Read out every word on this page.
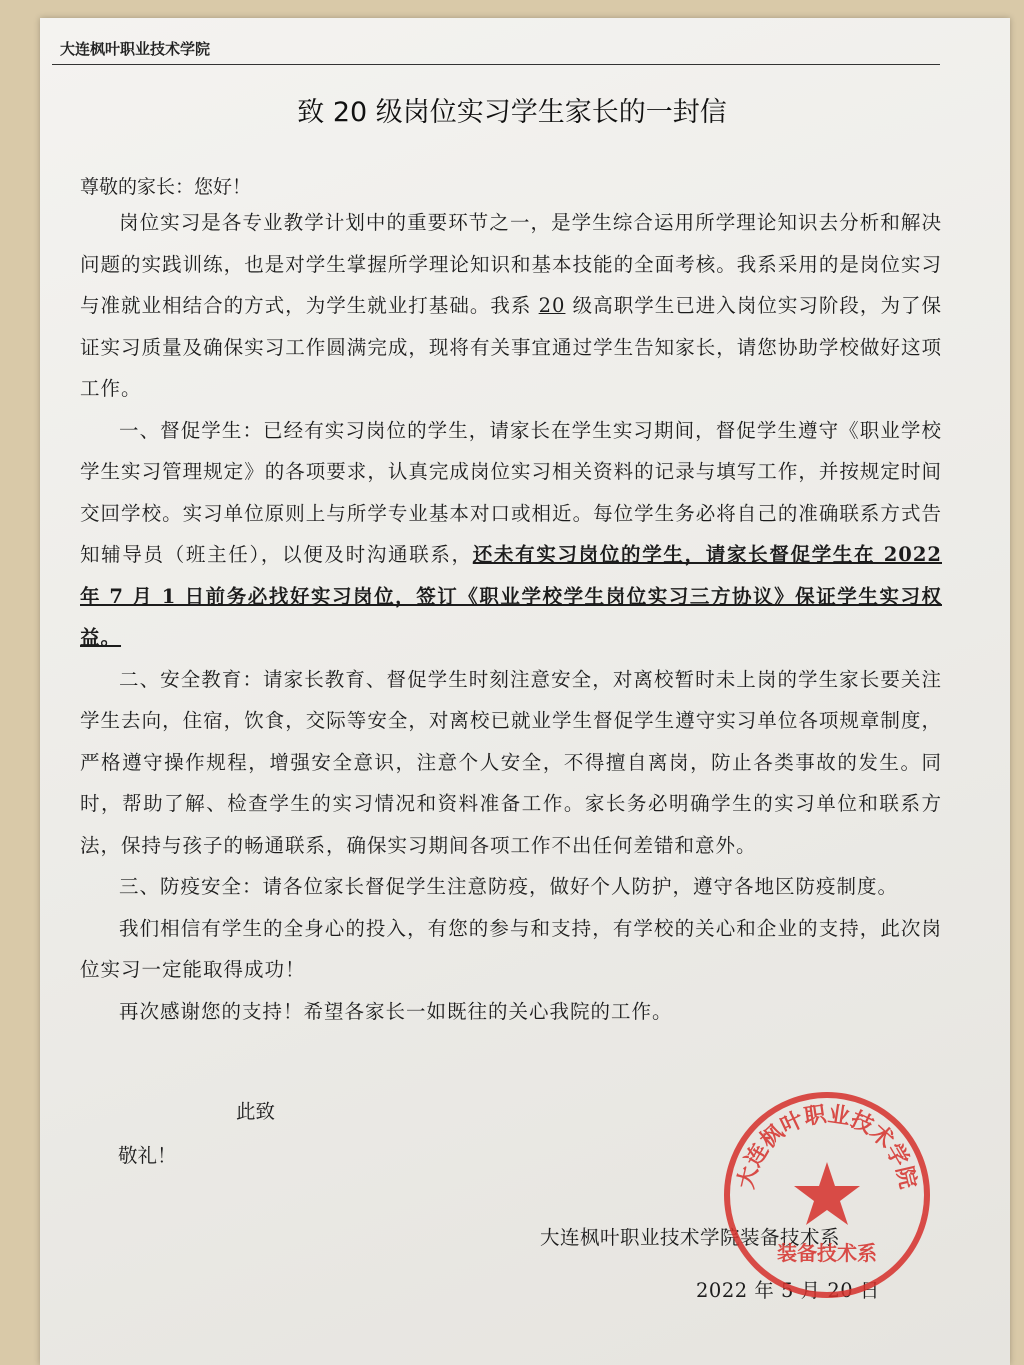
大连枫叶职业技术学院
致 20 级岗位实习学生家长的一封信
尊敬的家长：您好！

岗位实习是各专业教学计划中的重要环节之一，是学生综合运用所学理论知识去分析和解决问题的实践训练，也是对学生掌握所学理论知识和基本技能的全面考核。我系采用的是岗位实习与准就业相结合的方式，为学生就业打基础。我系 20 级高职学生已进入岗位实习阶段，为了保证实习质量及确保实习工作圆满完成，现将有关事宜通过学生告知家长，请您协助学校做好这项工作。

一、督促学生：已经有实习岗位的学生，请家长在学生实习期间，督促学生遵守《职业学校学生实习管理规定》的各项要求，认真完成岗位实习相关资料的记录与填写工作，并按规定时间交回学校。实习单位原则上与所学专业基本对口或相近。每位学生务必将自己的准确联系方式告知辅导员（班主任），以便及时沟通联系，还未有实习岗位的学生，请家长督促学生在 2022 年 7 月 1 日前务必找好实习岗位，签订《职业学校学生岗位实习三方协议》保证学生实习权益。

二、安全教育：请家长教育、督促学生时刻注意安全，对离校暂时未上岗的学生家长要关注学生去向，住宿，饮食，交际等安全，对离校已就业学生督促学生遵守实习单位各项规章制度，严格遵守操作规程，增强安全意识，注意个人安全，不得擅自离岗，防止各类事故的发生。同时，帮助了解、检查学生的实习情况和资料准备工作。家长务必明确学生的实习单位和联系方法，保持与孩子的畅通联系，确保实习期间各项工作不出任何差错和意外。

三、防疫安全：请各位家长督促学生注意防疫，做好个人防护，遵守各地区防疫制度。

我们相信有学生的全身心的投入，有您的参与和支持，有学校的关心和企业的支持，此次岗位实习一定能取得成功！

再次感谢您的支持！希望各家长一如既往的关心我院的工作。

此致
敬礼！
大连枫叶职业技术学院装备技术系
2022 年 5 月 20 日
大连枫叶职业技术学院
装备技术系
